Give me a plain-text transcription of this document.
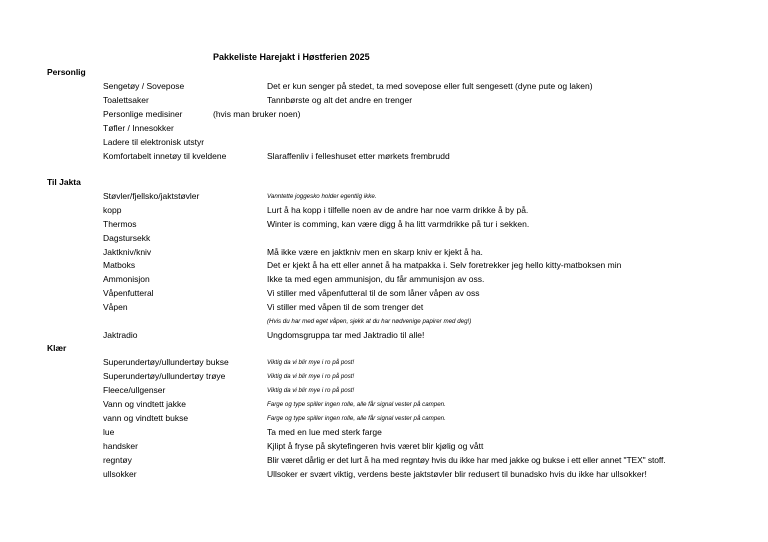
Pakkeliste Harejakt i Høstferien 2025
Personlig
Sengetøy / Sovepose	Det er kun senger på stedet, ta med sovepose eller fult sengesett (dyne pute og laken)
Toalettsaker	Tannbørste og alt det andre en trenger
Personlige medisiner	(hvis man bruker noen)
Tøfler / Innesokker
Ladere til elektronisk utstyr
Komfortabelt innetøy til kveldene	Slaraffenliv i felleshuset etter mørkets frembrudd
Til Jakta
Støvler/fjellsko/jaktstøvler	Vanntette joggesko holder egentlig ikke.
kopp	Lurt å ha kopp i tilfelle noen av de andre har noe varm drikke å by på.
Thermos	Winter is comming, kan være digg å ha litt varmdrikke på tur i sekken.
Dagstursekk
Jaktkniv/kniv	Må ikke være en jaktkniv men en skarp kniv er kjekt å ha.
Matboks	Det er kjekt å ha ett eller annet å ha matpakka i. Selv foretrekker jeg hello kitty-matboksen min
Ammonisjon	Ikke ta med egen ammunisjon, du får ammunisjon av oss.
Våpenfutteral	Vi stiller med våpenfutteral til de som låner våpen av oss
Våpen	Vi stiller med våpen til de som trenger det
(Hvis du har med eget våpen, sjekk at du har nødvenige papirer med deg!)
Jaktradio	Ungdomsgruppa tar med Jaktradio til alle!
Klær
Superundertøy/ullundertøy bukse	Viktig da vi blir mye i ro på post!
Superundertøy/ullundertøy trøye	Viktig da vi blir mye i ro på post!
Fleece/ullgenser	Viktig da vi blir mye i ro på post!
Vann og vindtett jakke	Farge og type spiller ingen rolle, alle får signal vester på campen.
vann og vindtett bukse	Farge og type spiller ingen rolle, alle får signal vester på campen.
lue	Ta med en lue med sterk farge
handsker	Kjlipt å fryse på skytefingeren hvis været blir kjølig og vått
regntøy	Blir været dårlig er det lurt å ha med regntøy hvis du ikke har med jakke og bukse i ett eller annet "TEX" stoff.
ullsokker	Ullsoker er svært viktig, verdens beste jaktstøvler blir redusert til bunadsko hvis du ikke har ullsokker!
